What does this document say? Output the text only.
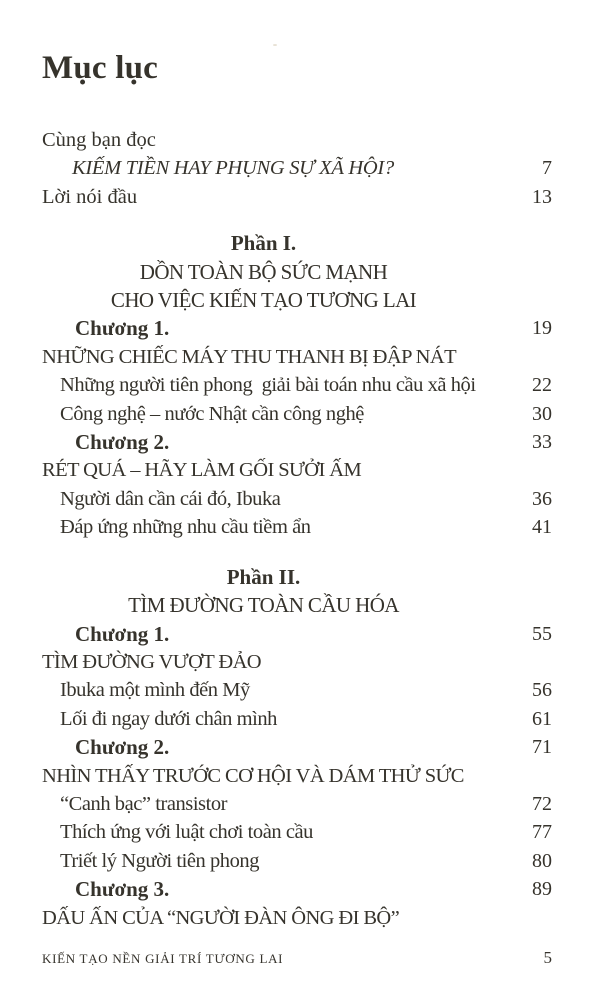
Mục lục
Cùng bạn đọc
KIẾM TIỀN HAY PHỤNG SỰ XÃ HỘI?	7
Lời nói đầu	13
Phần I.
DỒN TOÀN BỘ SỨC MẠNH
CHO VIỆC KIẾN TẠO TƯƠNG LAI
Chương 1.	19
NHỮNG CHIẾC MÁY THU THANH BỊ ĐẬP NÁT
Những người tiên phong  giải bài toán nhu cầu xã hội	22
Công nghệ – nước Nhật cần công nghệ	30
Chương 2.	33
RÉT QUÁ – HÃY LÀM GỐI SƯỞI ẤM
Người dân cần cái đó, Ibuka	36
Đáp ứng những nhu cầu tiềm ẩn	41
Phần II.
TÌM ĐƯỜNG TOÀN CẦU HÓA
Chương 1.	55
TÌM ĐƯỜNG VƯỢT ĐẢO
Ibuka một mình đến Mỹ	56
Lối đi ngay dưới chân mình	61
Chương 2.	71
NHÌN THẤY TRƯỚC CƠ HỘI VÀ DÁM THỬ SỨC
“Canh bạc” transistor	72
Thích ứng với luật chơi toàn cầu	77
Triết lý Người tiên phong	80
Chương 3.	89
DẤU ẤN CỦA “NGƯỜI ĐÀN ÔNG ĐI BỘ”
KIẾN TẠO NỀN GIẢI TRÍ TƯƠNG LAI	5
